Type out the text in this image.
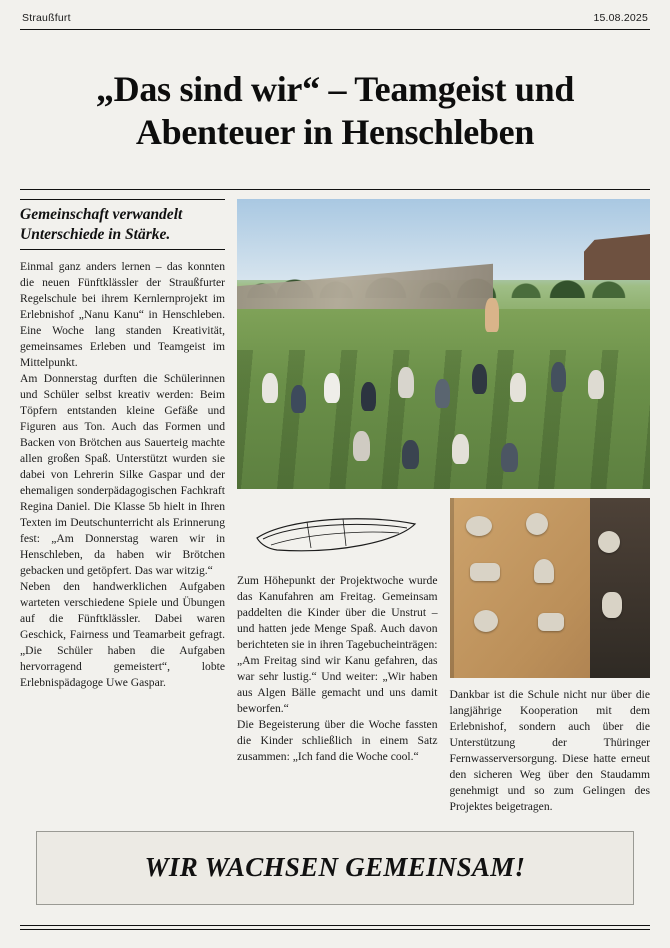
Straußfurt	15.08.2025
„Das sind wir“ – Teamgeist und Abenteuer in Henschleben
Gemeinschaft verwandelt Unterschiede in Stärke.

Einmal ganz anders lernen – das konnten die neuen Fünftklässler der Straußfurter Regelschule bei ihrem Kernlernprojekt im Erlebnishof „Nanu Kanu“ in Henschleben. Eine Woche lang standen Kreativität, gemeinsames Erleben und Teamgeist im Mittelpunkt.

Am Donnerstag durften die Schülerinnen und Schüler selbst kreativ werden: Beim Töpfern entstanden kleine Gefäße und Figuren aus Ton. Auch das Formen und Backen von Brötchen aus Sauerteig machte allen großen Spaß. Unterstützt wurden sie dabei von Lehrerin Silke Gaspar und der ehemaligen sonderpädagogischen Fachkraft Regina Daniel. Die Klasse 5b hielt in Ihren Texten im Deutschunterricht als Erinnerung fest: „Am Donnerstag waren wir in Henschleben, da haben wir Brötchen gebacken und getöpfert. Das war witzig.“

Neben den handwerklichen Aufgaben warteten verschiedene Spiele und Übungen auf die Fünftklässler. Dabei waren Geschick, Fairness und Teamarbeit gefragt. „Die Schüler haben die Aufgaben hervorragend gemeistert“, lobte Erlebnispädagoge Uwe Gaspar.

Zum Höhepunkt der Projektwoche wurde das Kanufahren am Freitag. Gemeinsam paddelten die Kinder über die Unstrut – und hatten jede Menge Spaß. Auch davon berichteten sie in ihren Tagebucheinträgen: „Am Freitag sind wir Kanu gefahren, das war sehr lustig.“ Und weiter: „Wir haben aus Algen Bälle gemacht und uns damit beworfen.“

Die Begeisterung über die Woche fassten die Kinder schließlich in einem Satz zusammen: „Ich fand die Woche cool.“

Dankbar ist die Schule nicht nur über die langjährige Kooperation mit dem Erlebnishof, sondern auch über die Unterstützung der Thüringer Fernwasserversorgung. Diese hatte erneut den sicheren Weg über den Staudamm genehmigt und so zum Gelingen des Projektes beigetragen.

WIR WACHSEN GEMEINSAM!
